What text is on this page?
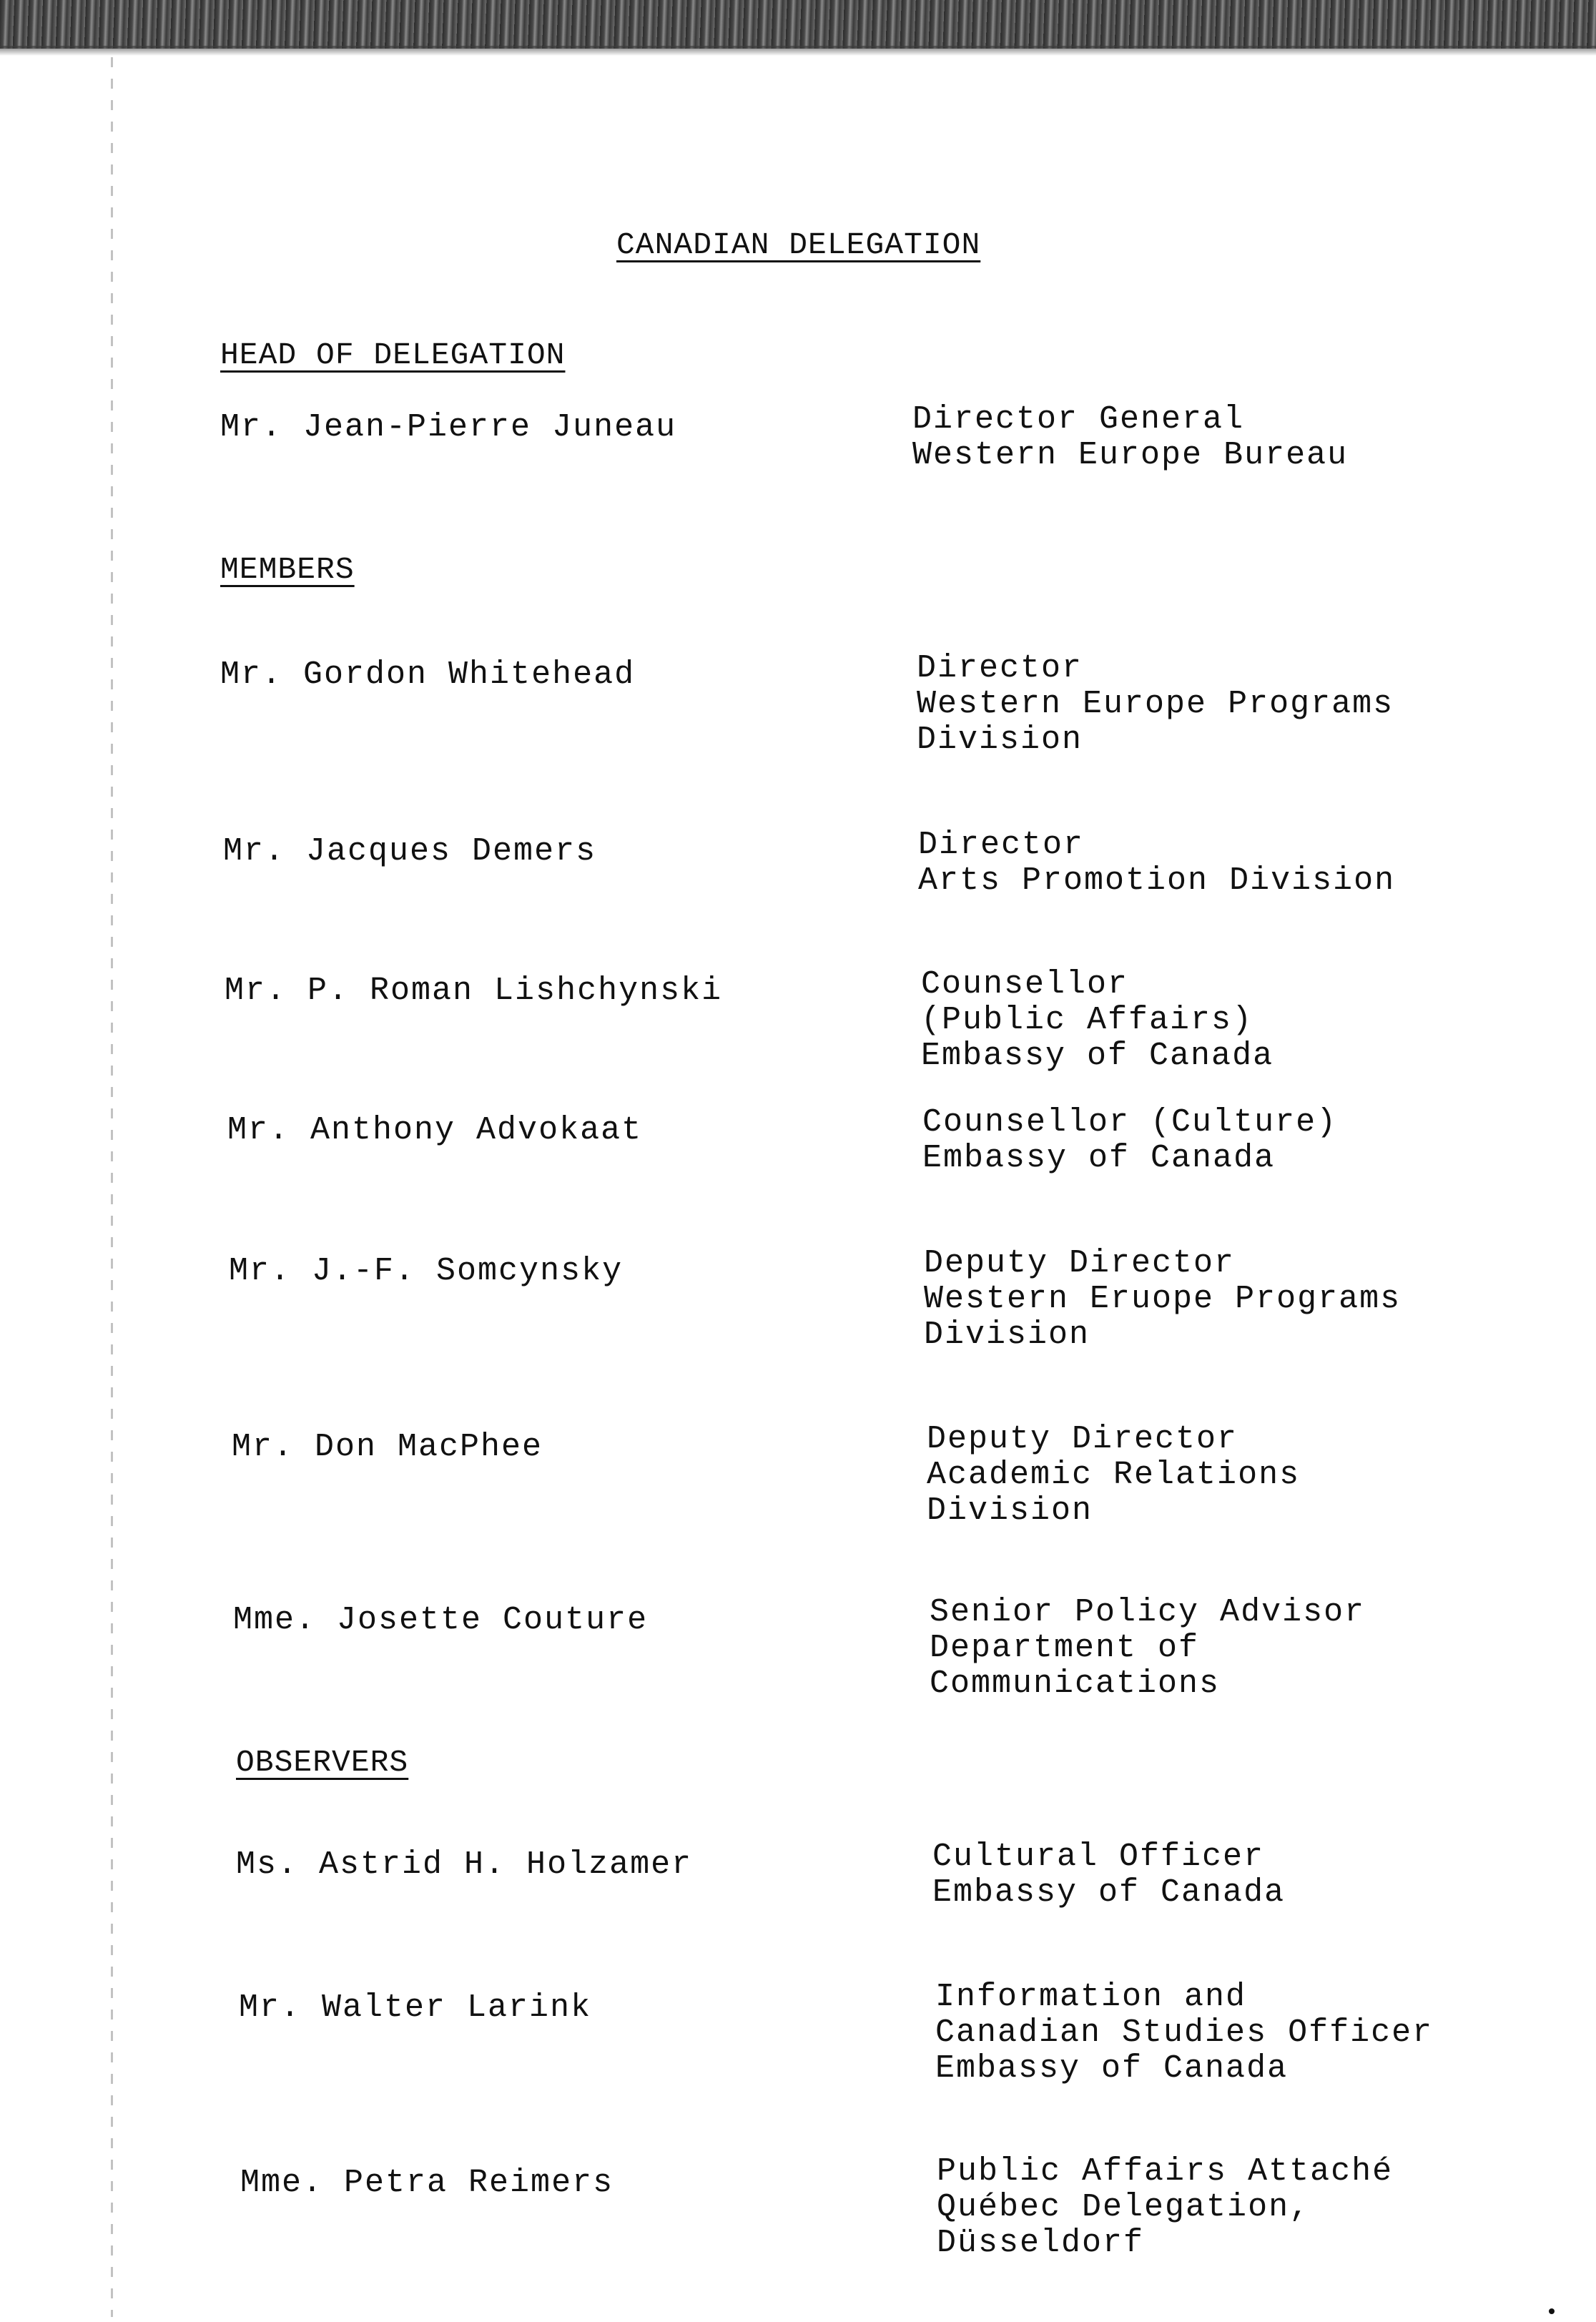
CANADIAN DELEGATION
HEAD OF DELEGATION
Mr. Jean-Pierre Juneau	Director General
Western Europe Bureau
MEMBERS
Mr. Gordon Whitehead	Director
Western Europe Programs
Division
Mr. Jacques Demers	Director
Arts Promotion Division
Mr. P. Roman Lishchynski	Counsellor
(Public Affairs)
Embassy of Canada
Mr. Anthony Advokaat	Counsellor (Culture)
Embassy of Canada
Mr. J.-F. Somcynsky	Deputy Director
Western Eruope Programs
Division
Mr. Don MacPhee	Deputy Director
Academic Relations
Division
Mme. Josette Couture	Senior Policy Advisor
Department of
Communications
OBSERVERS
Ms. Astrid H. Holzamer	Cultural Officer
Embassy of Canada
Mr. Walter Larink	Information and
Canadian Studies Officer
Embassy of Canada
Mme. Petra Reimers	Public Affairs Attaché
Québec Delegation,
Düsseldorf
